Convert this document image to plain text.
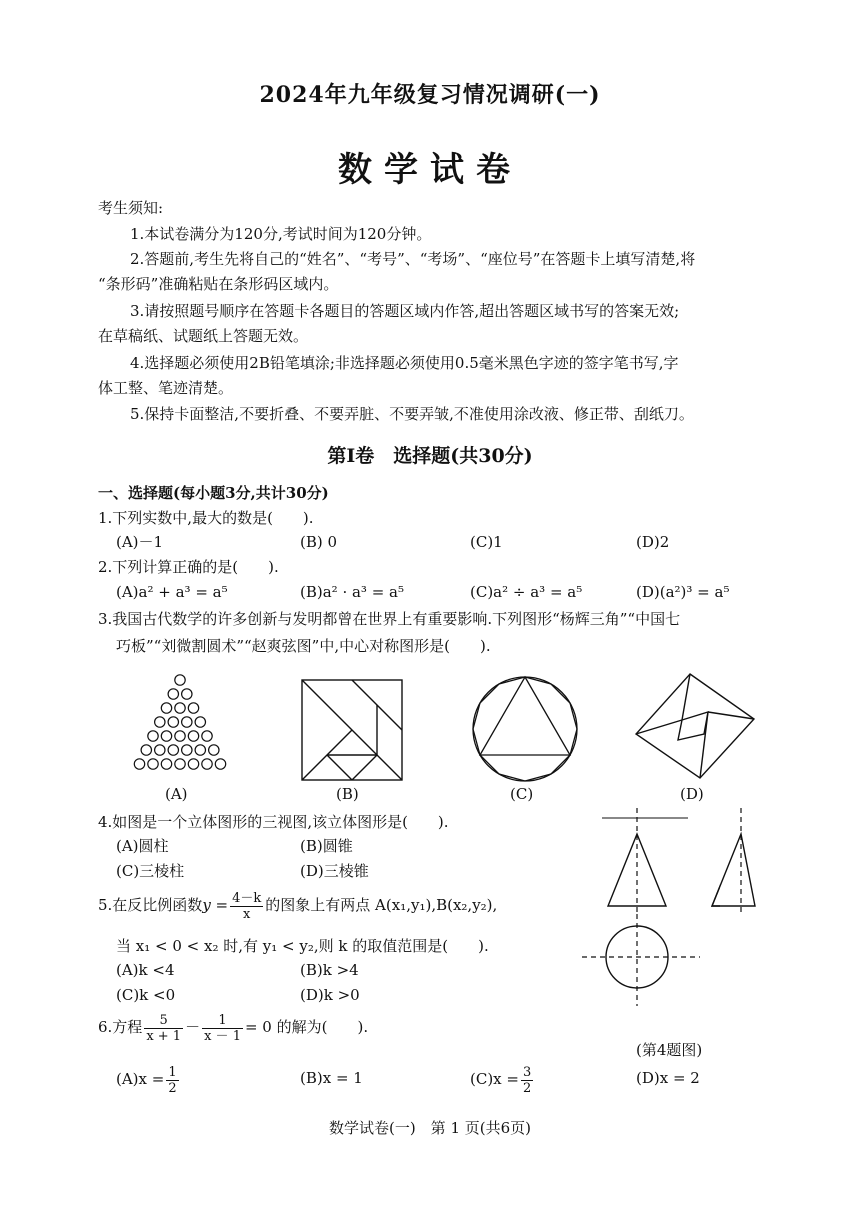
2024年九年级复习情况调研(一)
数学试卷
考生须知:
1.本试卷满分为120分,考试时间为120分钟。
2.答题前,考生先将自己的“姓名”、“考号”、“考场”、“座位号”在答题卡上填写清楚,将
“条形码”准确粘贴在条形码区域内。
3.请按照题号顺序在答题卡各题目的答题区域内作答,超出答题区域书写的答案无效;
在草稿纸、试题纸上答题无效。
4.选择题必须使用2B铅笔填涂;非选择题必须使用0.5毫米黑色字迹的签字笔书写,字
体工整、笔迹清楚。
5.保持卡面整洁,不要折叠、不要弄脏、不要弄皱,不准使用涂改液、修正带、刮纸刀。
第Ⅰ卷　选择题(共30分)
一、选择题(每小题3分,共计30分)
1.下列实数中,最大的数是(　　).
(A)－1	(B) 0	(C)1	(D)2
2.下列计算正确的是(　　).
(A)a² + a³ = a⁵	(B)a² · a³ = a⁵	(C)a² ÷ a³ = a⁵	(D)(a²)³ = a⁵
3.我国古代数学的许多创新与发明都曾在世界上有重要影响.下列图形“杨辉三角”“中国七
巧板”“刘微割圆术”“赵爽弦图”中,中心对称图形是(　　).
(A)	(B)	(C)	(D)
4.如图是一个立体图形的三视图,该立体图形是(　　).
(A)圆柱	(B)圆锥
(C)三棱柱	(D)三棱锥
(第4题图)
5.在反比例函数$y = \frac{4-k}{x}$ 的图象上有两点 A(x₁,y₁),B(x₂,y₂),
当 x₁ < 0 < x₂ 时,有 y₁ < y₂,则 k 的取值范围是(　　).
(A)k <4	(B)k >4
(C)k <0	(D)k >0
6.方程 $\frac{5}{x + 1} - \frac{1}{x - 1} = 0$ 的解为(　　).
$(A)x = \frac{1}{2}$	(B)x = 1	$(C)x = \frac{3}{2}$	(D)x = 2
数学试卷(一)　第 1 页(共6页)
